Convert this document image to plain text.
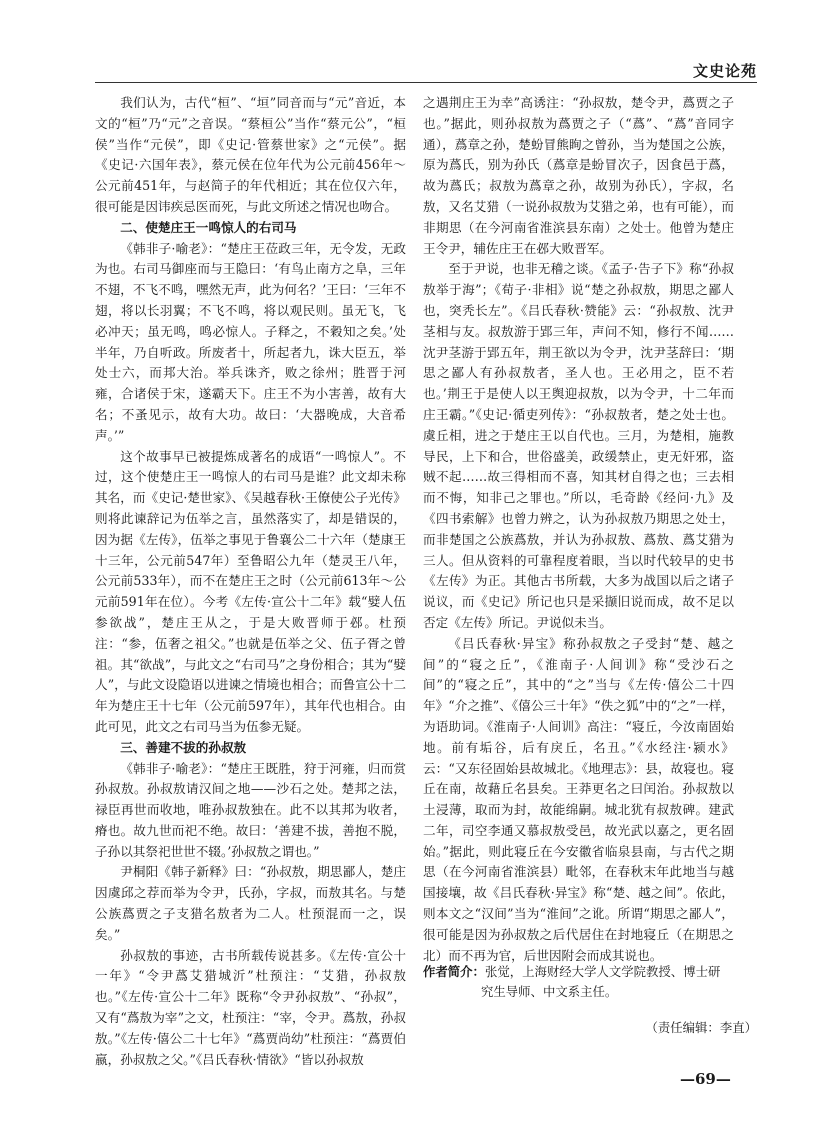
文史论苑

我们认为，古代“桓”、“垣”同音而与“元”音近，本文的“桓”乃“元”之音误。“蔡桓公”当作“蔡元公”，“桓侯”当作“元侯”，即《史记·管蔡世家》之“元侯”。据《史记·六国年表》，蔡元侯在位年代为公元前456年～公元前451年，与赵简子的年代相近；其在位仅六年，很可能是因讳疾忌医而死，与此文所述之情况也吻合。

二、使楚庄王一鸣惊人的右司马

《韩非子·喻老》：“楚庄王莅政三年，无令发，无政为也。右司马御座而与王隐曰：‘有鸟止南方之阜，三年不翅，不飞不鸣，嘿然无声，此为何名？’王曰：‘三年不翅，将以长羽翼；不飞不鸣，将以观民则。虽无飞，飞必冲天；虽无鸣，鸣必惊人。子释之，不穀知之矣。’处半年，乃自听政。所废者十，所起者九，诛大臣五，举处士六，而邦大治。举兵诛齐，败之徐州；胜晋于河雍，合诸侯于宋，遂霸天下。庄王不为小害善，故有大名；不蚤见示，故有大功。故曰：‘大器晚成，大音希声。’”

这个故事早已被提炼成著名的成语“一鸣惊人”。不过，这个使楚庄王一鸣惊人的右司马是谁？此文却未称其名，而《史记·楚世家》、《吴越春秋·王僚使公子光传》则将此谏辞记为伍举之言，虽然落实了，却是错误的，因为据《左传》，伍举之事见于鲁襄公二十六年（楚康王十三年，公元前547年）至鲁昭公九年（楚灵王八年，公元前533年），而不在楚庄王之时（公元前613年～公元前591年在位）。今考《左传·宣公十二年》载“嬖人伍参欲战”，楚庄王从之，于是大败晋师于邲。杜预注：“参，伍奢之祖父。”也就是伍举之父、伍子胥之曾祖。其“欲战”，与此文之“右司马”之身份相合；其为“嬖人”，与此文设隐语以进谏之情境也相合；而鲁宣公十二年为楚庄王十七年（公元前597年），其年代也相合。由此可见，此文之右司马当为伍参无疑。

三、善建不拔的孙叔敖

《韩非子·喻老》：“楚庄王既胜，狩于河雍，归而赏孙叔敖。孙叔敖请汉间之地——沙石之处。楚邦之法，禄臣再世而收地，唯孙叔敖独在。此不以其邦为收者，瘠也。故九世而祀不绝。故曰：‘善建不拔，善抱不脱，子孙以其祭祀世世不辍。’孙叔敖之谓也。”

尹桐阳《韩子新释》曰：“孙叔敖，期思鄙人，楚庄因虞邱之荐而举为令尹，氏孙，字叔，而敖其名。与楚公族蔿贾之子支猎名敖者为二人。杜预混而一之，误矣。”

孙叔敖的事迹，古书所载传说甚多。《左传·宣公十一年》“令尹蔿艾猎城沂”杜预注：“艾猎，孙叔敖也。”《左传·宣公十二年》既称“令尹孙叔敖”、“孙叔”，又有“蔿敖为宰”之文，杜预注：“宰，令尹。蔿敖，孙叔敖。”《左传·僖公二十七年》“蔿贾尚幼”杜预注：“蔿贾伯嬴，孙叔敖之父。”《吕氏春秋·情欲》“皆以孙叔敖

之遇荆庄王为幸”高诱注：“孙叔敖，楚令尹，蔿贾之子也。”据此，则孙叔敖为蔿贾之子（“蔿”、“蔿”音同字通），蔿章之孙，楚蚡冒熊眴之曾孙，当为楚国之公族，原为蔿氏，别为孙氏（蔿章是蚡冒次子，因食邑于蔿，故为蔿氏；叔敖为蔿章之孙，故别为孙氏），字叔，名敖，又名艾猎（一说孙叔敖为艾猎之弟，也有可能），而非期思（在今河南省淮滨县东南）之处士。他曾为楚庄王令尹，辅佐庄王在邲大败晋军。

至于尹说，也非无稽之谈。《孟子·告子下》称“孙叔敖举于海”；《荀子·非相》说“楚之孙叔敖，期思之鄙人也，突秃长左”。《吕氏春秋·赞能》云：“孙叔敖、沈尹茎相与友。叔敖游于郢三年，声问不知，修行不闻……沈尹茎游于郢五年，荆王欲以为令尹，沈尹茎辞曰：‘期思之鄙人有孙叔敖者，圣人也。王必用之，臣不若也。’荆王于是使人以王舆迎叔敖，以为令尹，十二年而庄王霸。”《史记·循吏列传》：“孙叔敖者，楚之处士也。虞丘相，进之于楚庄王以自代也。三月，为楚相，施教导民，上下和合，世俗盛美，政缓禁止，吏无奸邪，盗贼不起……故三得相而不喜，知其材自得之也；三去相而不悔，知非己之罪也。”所以，毛奇龄《经问·九》及《四书索解》也曾力辨之，认为孙叔敖乃期思之处士，而非楚国之公族蔿敖，并认为孙叔敖、蔿敖、蔿艾猎为三人。但从资料的可靠程度着眼，当以时代较早的史书《左传》为正。其他古书所载，大多为战国以后之诸子说议，而《史记》所记也只是采撷旧说而成，故不足以否定《左传》所记。尹说似未当。

《吕氏春秋·异宝》称孙叔敖之子受封“楚、越之间”的“寝之丘”，《淮南子·人间训》称“受沙石之间”的“寝之丘”，其中的“之”当与《左传·僖公二十四年》“介之推”、《僖公三十年》“佚之狐”中的“之”一样，为语助词。《淮南子·人间训》高注：“寝丘，今汝南固始地。前有垢谷，后有戾丘，名丑。”《水经注·颍水》云：“又东径固始县故城北。《地理志》：县，故寝也。寝丘在南，故藉丘名县矣。王莽更名之曰闰治。孙叔敖以土浸薄，取而为封，故能绵嗣。城北犹有叔敖碑。建武二年，司空李通又慕叔敖受邑，故光武以嘉之，更名固始。”据此，则此寝丘在今安徽省临泉县南，与古代之期思（在今河南省淮滨县）毗邻，在春秋末年此地当与越国接壤，故《吕氏春秋·异宝》称“楚、越之间”。依此，则本文之“汉间”当为“淮间”之讹。所谓“期思之鄙人”，很可能是因为孙叔敖之后代居住在封地寝丘（在期思之北）而不再为官，后世因附会而成其说也。

作者简介：张觉，上海财经大学人文学院教授、博士研
究生导师、中文系主任。
（责任编辑：李直）
—69—
